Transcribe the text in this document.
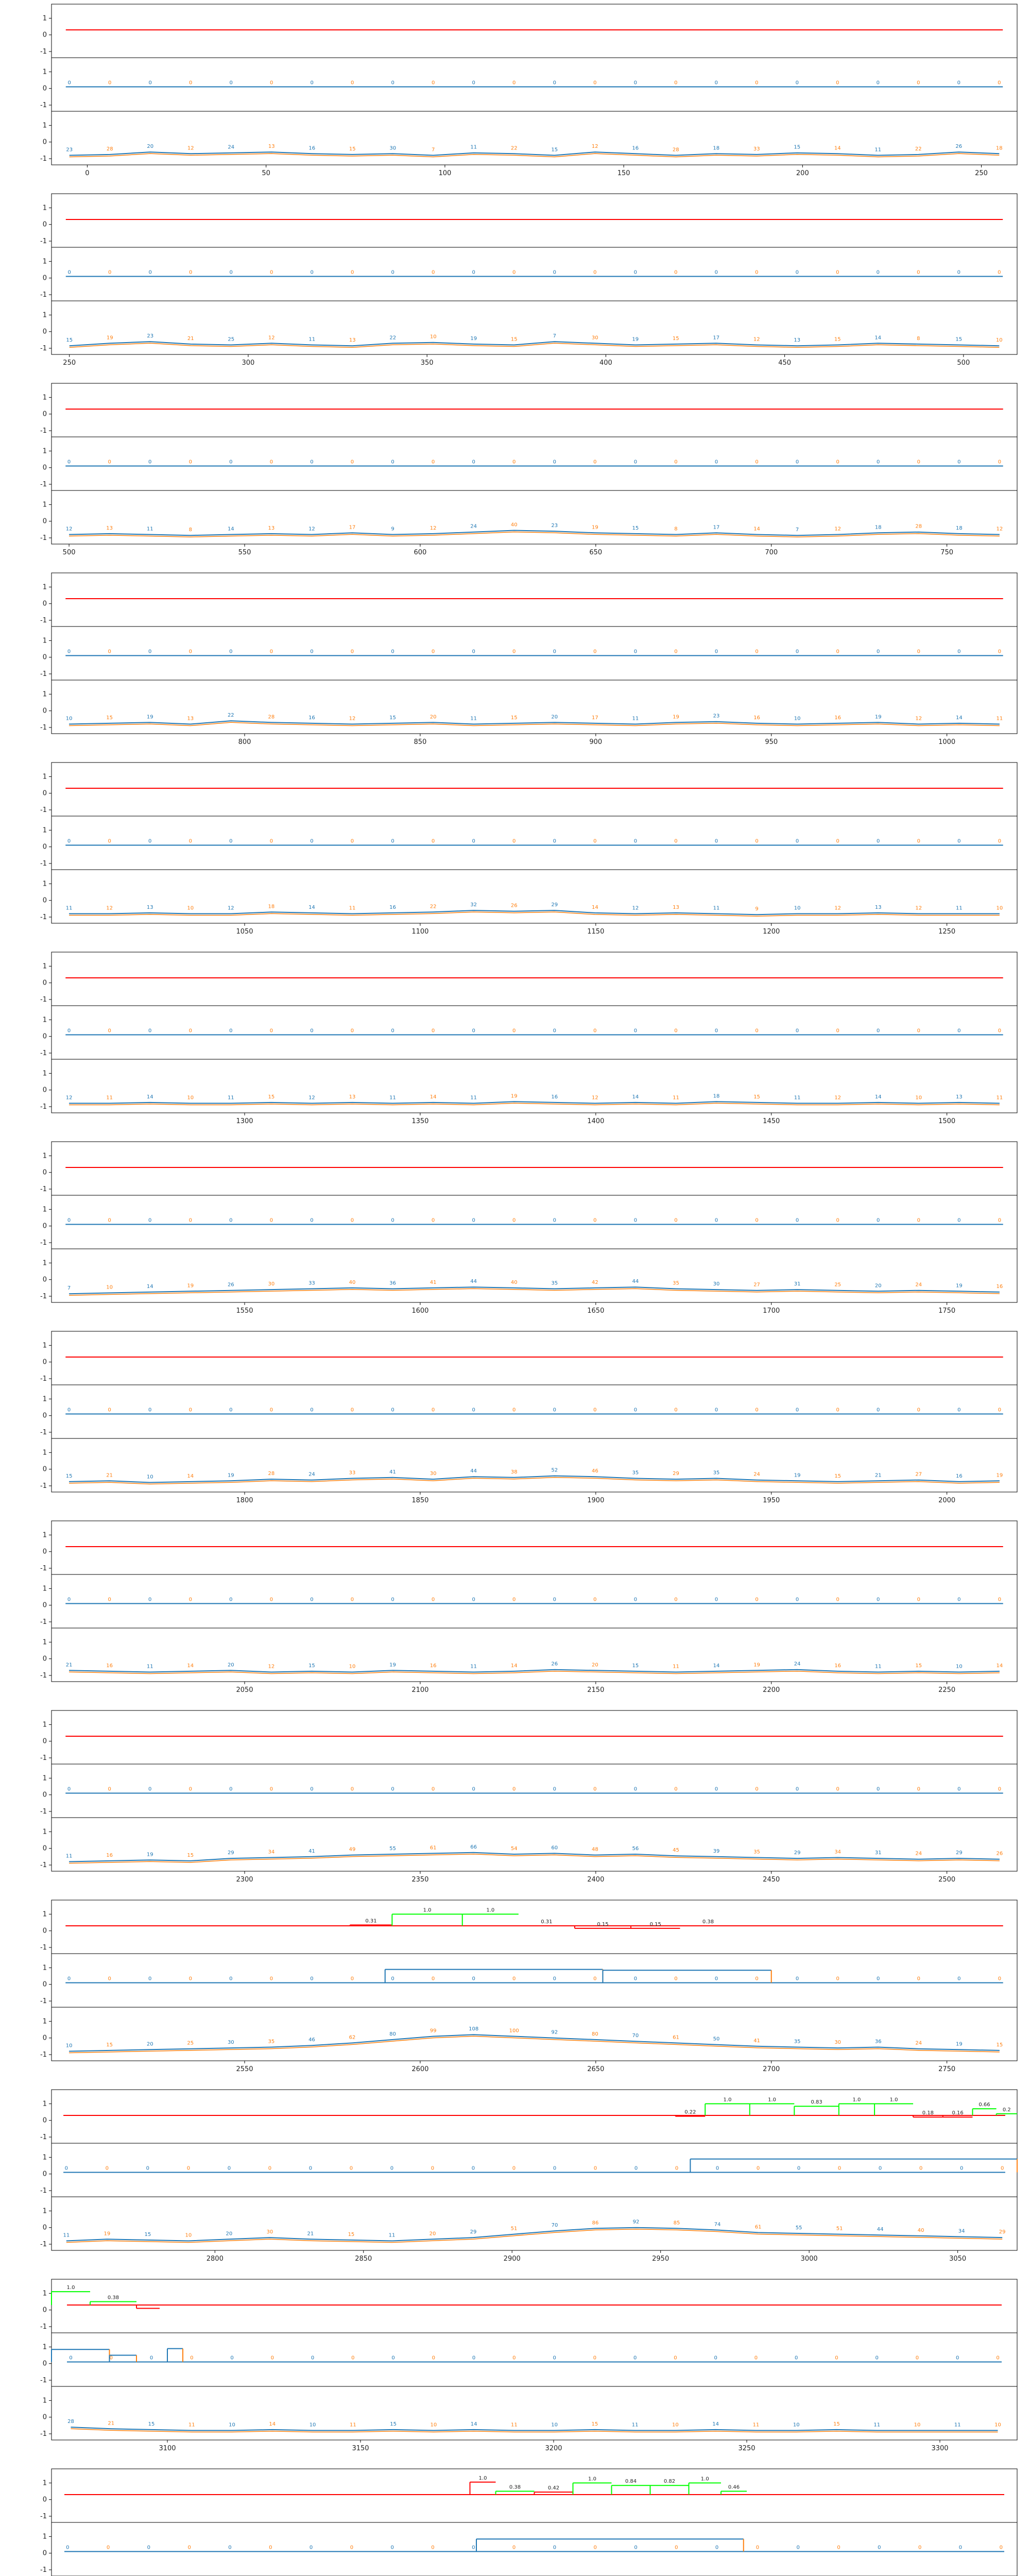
-1
0
1
-1
0
1
0	0	0	0	0	0	0	0	0	0	0	0	0	0	0	0	0	0	0	0	0	0	0	0
-1
0
1
23	28	20	12	24	13	16	15	30	7	11	22	15
12	16	28	18	33	15	14	11	22	26	18
0	50	100	150	200	250
-1
0
1
-1
0
1
0	0	0	0	0	0	0	0	0	0	0	0	0	0	0	0	0	0	0	0	0	0	0	0
-1
0
1
15	19	23	21	25	12	11	13	22	10	19	15
7	30	19	15	17	12	13	15	14	8	15	10
250	300	350	400	450	500
-1
0
1
-1
0
1
0	0	0	0	0	0	0	0	0	0	0	0	0	0	0	0	0	0	0	0	0	0	0	0
-1
0
1
12	13	11	8	14	13	12	17	9	12	24	40	23	19	15	8	17	14	7	12	18	28	18	12
500	550	600	650	700	750
-1
0
1
-1
0
1
0	0	0	0	0	0	0	0	0	0	0	0	0	0	0	0	0	0	0	0	0	0	0	0
-1
0
1
10	15	19	13
22	28	16	12	15	20	11	15	20	17	11	19	23	16	10	16	19	12	14	11
800	850	900	950	1000
-1
0
1
-1
0
1
0	0	0	0	0	0	0	0	0	0	0	0	0	0	0	0	0	0	0	0	0	0	0	0
-1
0
1
11	12	13	10	12	18	14	11	16	22	32	26	29	14	12	13	11	9	10	12	13	12	11	10
1050	1100	1150	1200	1250
-1
0
1
-1
0
1
0	0	0	0	0	0	0	0	0	0	0	0	0	0	0	0	0	0	0	0	0	0	0	0
-1
0
1
12	11	14	10	11	15	12	13	11	14	11	19	16	12	14	11	18	15	11	12	14	10	13	11
1300	1350	1400	1450	1500
-1
0
1
-1
0
1
0	0	0	0	0	0	0	0	0	0	0	0	0	0	0	0	0	0	0	0	0	0	0	0
-1
0
1
7	10	14	19	26	30	33	40	36	41	44	40	35	42	44	35	30	27	31	25	20	24	19	16
1550	1600	1650	1700	1750
-1
0
1
-1
0
1
0	0	0	0	0	0	0	0	0	0	0	0	0	0	0	0	0	0	0	0	0	0	0	0
-1
0
1
15	21	10	14	19	28	24	33	41	30	44	38	52	46	35	29	35	24	19	15	21	27	16	19
1800	1850	1900	1950	2000
-1
0
1
-1
0
1
0	0	0	0	0	0	0	0	0	0	0	0	0	0	0	0	0	0	0	0	0	0	0	0
-1
0
1
21	16	11	14	20	12	15	10	19	16	11	14	26	20	15	11	14	19	24	16	11	15	10	14
2050	2100	2150	2200	2250
-1
0
1
-1
0
1
0	0	0	0	0	0	0	0	0	0	0	0	0	0	0	0	0	0	0	0	0	0	0	0
-1
0
1
11	16	19	15	29	34	41	49	55	61	66	54	60	48	56	45	39	35	29	34	31	24	29	26
2300	2350	2400	2450	2500
-1
0
1
0.31
1.0	1.0
0.31	0.15	0.15	0.38
-1
0
1
0	0	0	0	0	0	0	0	0	0	0	0	0	0	0	0	0	0	0	0	0	0	0	0
-1
0
1
10	15	20	25	30	35	46	62
80
99	108	100	92	80	70	61	50	41	35	30	36	24	19	15
2550	2600	2650	2700	2750
-1
0
1
0.22
1.0	1.0	0.83	1.0	1.0
0.18	0.16
0.66
0.2
-1
0
1
0	0	0	0	0	0	0	0	0	0	0	0	0	0	0	0	0	0	0	0	0	0	0	0
-1
0
1
11	19	15	10	20	30	21	15	11	20	29
51
70	86	92	85	74	61	55	51	44	40	34	29
2800	2850	2900	2950	3000	3050
-1
0
1
1.0
0.38
-1
0
1
0	0	0	0	0	0	0	0	0	0	0	0	0	0	0	0	0	0	0	0	0	0	0	0
-1
0
1
28	21	15	11	10	14	10	11	15	10	14	11	10	15	11	10	14	11	10	15	11	10	11	10
3100	3150	3200	3250	3300
-1
0
1
1.0
0.38	0.42
1.0	0.84	0.82	1.0
0.46
-1
0
1
0	0	0	0	0	0	0	0	0	0	0	0	0	0	0	0	0	0	0	0	0	0	0	0
